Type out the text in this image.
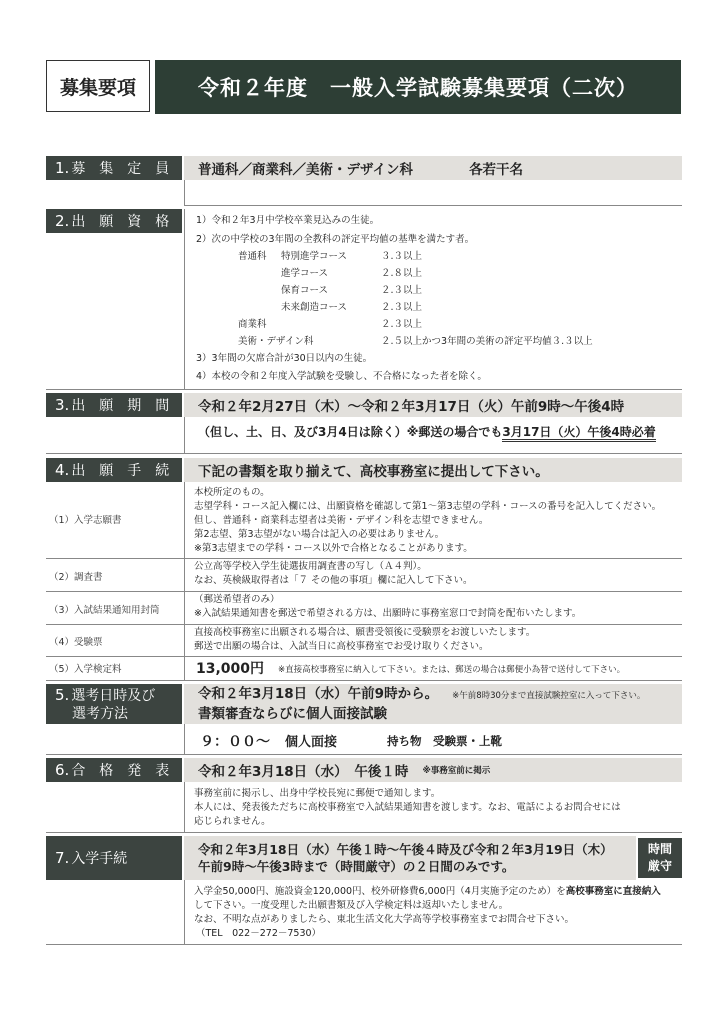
募集要項	令和２年度　一般入学試験募集要項（二次）
1. 募　集　定　員 普通科／商業科／美術・デザイン科	各若干名
2. 出　願　資　格	1）令和２年3月中学校卒業見込みの生徒。
2）次の中学校の3年間の全教科の評定平均値の基準を満たす者。
普通科 特別進学コース	３.３以上
進学コース	２.８以上
保育コース	２.３以上
未来創造コース	２.３以上
商業科	２.３以上
美術・デザイン科	２.５以上かつ3年間の美術の評定平均値３.３以上
3）3年間の欠席合計が30日以内の生徒。
4）本校の令和２年度入学試験を受験し、不合格になった者を除く。
3. 出　願　期　間 令和２年2月27日（木）～令和２年3月17日（火）午前9時～午後4時
（但し、土、日、及び3月4日は除く）※郵送の場合でも3月17日（火）午後4時必着
4. 出　願　手　続 下記の書類を取り揃えて、高校事務室に提出して下さい。
（1）入学志願書
本校所定のもの。
志望学科・コース記入欄には、出願資格を確認して第1～第3志望の学科・コースの番号を記入してください。
但し、普通科・商業科志望者は美術・デザイン科を志望できません。
第2志望、第3志望がない場合は記入の必要はありません。
※第3志望までの学科・コース以外で合格となることがあります。
（2）調査書
公立高等学校入学生徒選抜用調査書の写し（Ａ４判）。
なお、英検級取得者は「７ その他の事項」欄に記入して下さい。
（3）入試結果通知用封筒
（郵送希望者のみ）
※入試結果通知書を郵送で希望される方は、出願時に事務室窓口で封筒を配布いたします。
（4）受験票
直接高校事務室に出願される場合は、願書受領後に受験票をお渡しいたします。
郵送で出願の場合は、入試当日に高校事務室でお受け取りください。
（5）入学検定料	13,000円 ※直接高校事務室に納入して下さい。または、郵送の場合は郵便小為替で送付して下さい。
5. 選考日時及び
選考方法
令和２年3月18日（水）午前9時から。 ※午前8時30分まで直接試験控室に入って下さい。
書類審査ならびに個人面接試験
９：００～ 個人面接	持ち物　受験票・上靴
6. 合　格　発　表 令和２年3月18日（水）　午後１時 ※事務室前に掲示
事務室前に掲示し、出身中学校長宛に郵便で通知します。
本人には、発表後ただちに高校事務室で入試結果通知書を渡します。なお、電話によるお問合せには
応じられません。
7. 入学手続
令和２年3月18日（水）午後１時～午後４時及び令和２年3月19日（木）
午前9時～午後3時まで（時間厳守）の２日間のみです。
時間
厳守
入学金50,000円、施設資金120,000円、校外研修費6,000円（4月実施予定のため）を高校事務室に直接納入
して下さい。一度受理した出願書類及び入学検定料は返却いたしません。
なお、不明な点がありましたら、東北生活文化大学高等学校事務室までお問合せ下さい。
（TEL　022－272－7530）
